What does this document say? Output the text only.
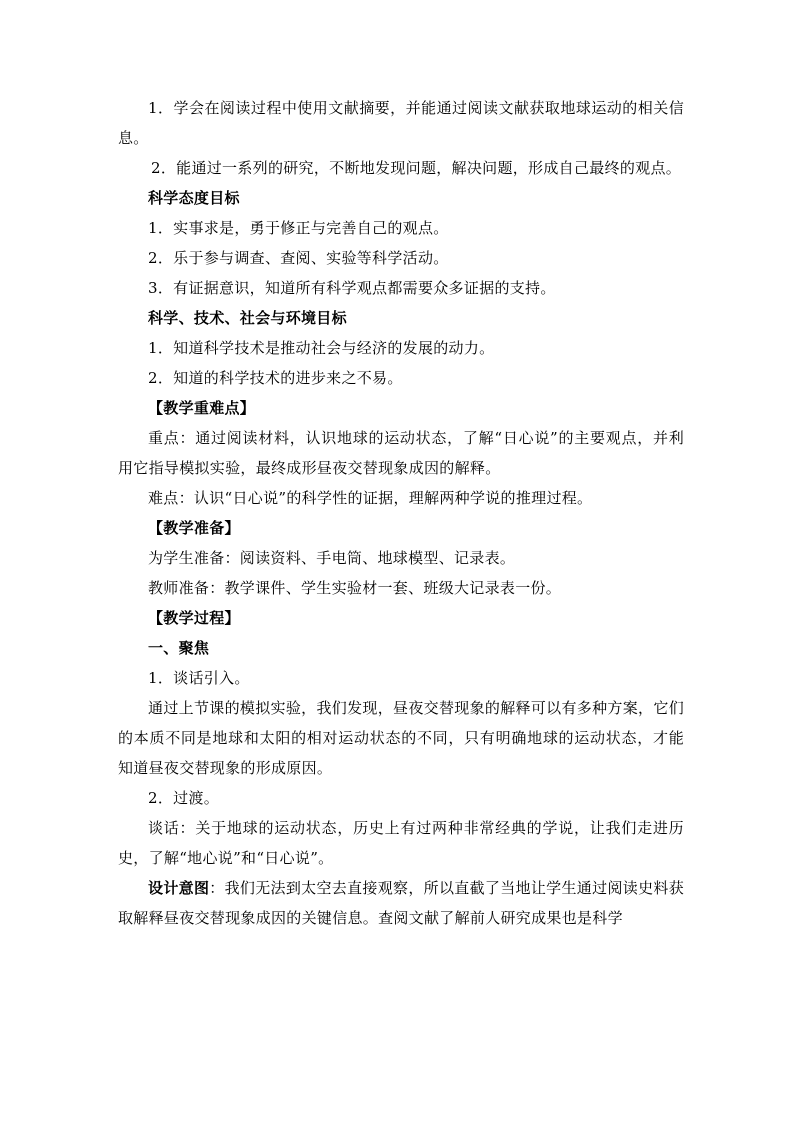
1．学会在阅读过程中使用文献摘要，并能通过阅读文献获取地球运动的相关信息。

2．能通过一系列的研究，不断地发现问题，解决问题，形成自己最终的观点。

科学态度目标

1．实事求是，勇于修正与完善自己的观点。

2．乐于参与调查、查阅、实验等科学活动。

3．有证据意识，知道所有科学观点都需要众多证据的支持。

科学、技术、社会与环境目标

1．知道科学技术是推动社会与经济的发展的动力。

2．知道的科学技术的进步来之不易。

【教学重难点】

重点：通过阅读材料，认识地球的运动状态，了解“日心说”的主要观点，并利用它指导模拟实验，最终成形昼夜交替现象成因的解释。

难点：认识“日心说”的科学性的证据，理解两种学说的推理过程。

【教学准备】

为学生准备：阅读资料、手电筒、地球模型、记录表。

教师准备：教学课件、学生实验材一套、班级大记录表一份。

【教学过程】

一、聚焦

1．谈话引入。

通过上节课的模拟实验，我们发现，昼夜交替现象的解释可以有多种方案，它们的本质不同是地球和太阳的相对运动状态的不同，只有明确地球的运动状态，才能知道昼夜交替现象的形成原因。

2．过渡。

谈话：关于地球的运动状态，历史上有过两种非常经典的学说，让我们走进历史，了解“地心说”和“日心说”。

设计意图：我们无法到太空去直接观察，所以直截了当地让学生通过阅读史料获取解释昼夜交替现象成因的关键信息。查阅文献了解前人研究成果也是科学
